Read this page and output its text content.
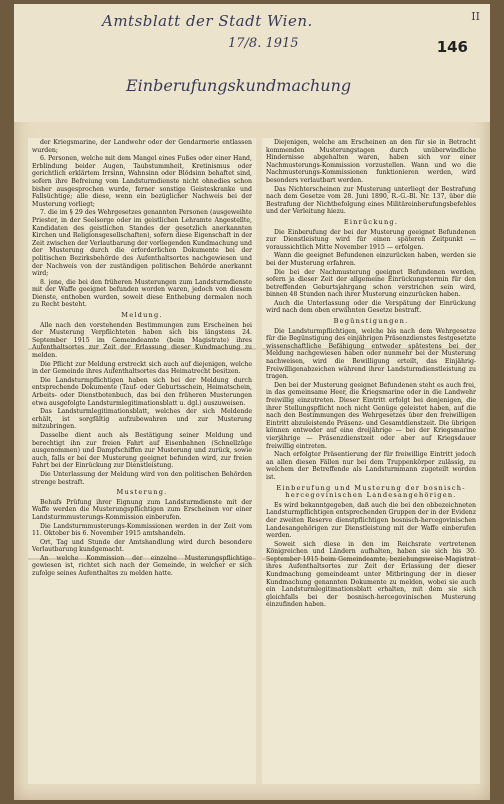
Amtsblatt der Stadt Wien.	II
17/8. 1915	146
Einberufungskundmachung

der Kriegsmarine, der Landwehr oder der Gendarmerie entlassen wurden;

6. Personen, welche mit dem Mangel eines Fußes oder einer Hand, Erblindung beider Augen, Taubstummheit, Kretinismus oder gerichtlich erklärtem Irrsinn, Wahnsinn oder Blödsinn behaftet sind, sofern ihre Befreiung vom Landsturmdienste nicht ohnedies schon bisher ausgesprochen wurde, ferner sonstige Geisteskranke und Fallsüchtige; alle diese, wenn ein bezüglicher Nachweis bei der Musterung vorliegt;

7. die im § 29 des Wehrgesetzes genannten Personen (ausgeweihte Priester, in der Seelsorge oder im geistlichen Lehramte Angestellte, Kandidaten des geistlichen Standes der gesetzlich anerkannten Kirchen und Religionsgesellschaften), sofern diese Eigenschaft in der Zeit zwischen der Verlautbarung der vorliegenden Kundmachung und der Musterung durch die erforderlichen Dokumente bei der politischen Bezirksbehörde des Aufenthaltsortes nachgewiesen und der Nachweis von der zuständigen politischen Behörde anerkannt wird;

8. jene, die bei den früheren Musterungen zum Landsturmdienste mit der Waffe geeignet befunden worden waren, jedoch von diesem Dienste, enthoben wurden, soweit diese Enthebung dermalen noch zu Recht besteht.

Meldung.

Alle nach den vorstehenden Bestimmungen zum Erscheinen bei der Musterung Verpflichteten haben sich bis längstens 24. September 1915 im Gemeindeamte (beim Magistrate) ihres Aufenthaltsortes zur Zeit der Erlassung dieser Kundmachung zu melden.

Die Pflicht zur Meldung erstreckt sich auch auf diejenigen, welche in der Gemeinde ihres Aufenthaltsortes das Heimatrecht besitzen.

Die Landsturmpflichtigen haben sich bei der Meldung durch entsprechende Dokumente (Tauf- oder Geburtsschein, Heimatschein, Arbeits- oder Dienstbotenbuch, das bei den früheren Musterungen etwa ausgefolgte Landsturmlegitimationsblatt u. dgl.) auszuweisen.

Das Landsturmlegitimationsblatt, welches der sich Meldende erhält, ist sorgfältig aufzubewahren und zur Musterung mitzubringen.

Dasselbe dient auch als Bestätigung seiner Meldung und berechtigt ihn zur freien Fahrt auf Eisenbahnen (Schnellzüge ausgenommen) und Dampfschiffen zur Musterung und zurück, sowie auch, falls er bei der Musterung geeignet befunden wird, zur freien Fahrt bei der Einrückung zur Dienstleistung.

Die Unterlassung der Meldung wird von den politischen Behörden strenge bestraft.

Musterung.

Behufs Prüfung ihrer Eignung zum Landsturmdienste mit der Waffe werden die Musterungspflichtigen zum Erscheinen vor einer Landsturmmusterungs-Kommission einberufen.

Die Landsturmmusterungs-Kommissionen werden in der Zeit vom 11. Oktober bis 6. November 1915 amtshandeln.

Ort, Tag und Stunde der Amtshandlung wird durch besondere Verlautbarung kundgemacht.

An welche Kommission der einzelne Musterungspflichtige gewiesen ist, richtet sich nach der Gemeinde, in welcher er sich zufolge seines Aufenthaltes zu melden hatte.

Diejenigen, welche am Erscheinen an den für sie in Betracht kommenden Musterungstagen durch unüberwindliche Hindernisse abgehalten waren, haben sich vor einer Nachmusterungs-Kommission vorzustellen. Wann und wo die Nachmusterungs-Kommissionen funktionieren werden, wird besonders verlautbart werden.

Das Nichterscheinen zur Musterung unterliegt der Bestrafung nach dem Gesetze vom 28. Juni 1890, R.-G.-Bl. Nr. 137, über die Bestrafung der Nichtbefolgung eines Militäreinberufungsbefehles und der Verleitung hiezu.

Einrückung.

Die Einberufung der bei der Musterung geeignet Befundenen zur Dienstleistung wird für einen späteren Zeitpunkt — voraussichtlich Mitte November 1915 — erfolgen.

Wann die geeignet Befundenen einzurücken haben, werden sie bei der Musterung erfahren.

Die bei der Nachmusterung geeignet Befundenen werden, sofern ja dieser Zeit der allgemeine Einrückungstermin für den betreffenden Geburtsjahrgang schon verstrichen sein wird, binnen 48 Stunden nach ihrer Musterung einzurücken haben.

Auch die Unterlassung oder die Verspätung der Einrückung wird nach dem oben erwähnten Gesetze bestraft.

Begünstigungen.

Die Landsturmpflichtigen, welche bis nach dem Wehrgesetze für die Begünstigung des einjährigen Präsenzdienstes festgesetzte wissenschaftliche Befähigung entweder spätestens bei der Meldung nachgewiesen haben oder nunmehr bei der Musterung nachweisen, wird die Bewilligung erteilt, das Einjährig-Freiwilligenabzeichen während ihrer Landsturmdienstleistung zu tragen.

Den bei der Musterung geeignet Befundenen steht es auch frei, in das gemeinsame Heer, die Kriegsmarine oder in die Landwehr freiwillig einzutreten. Dieser Eintritt erfolgt bei denjenigen, die ihrer Stellungspflicht noch nicht Genüge geleistet haben, auf die nach den Bestimmungen des Wehrgesetzes über den freiwilligen Eintritt abzuleistende Präsenz- und Gesamtdienstzeit. Die übrigen können entweder auf eine dreijährige — bei der Kriegsmarine vierjährige — Präsenzdienstzeit oder aber auf Kriegsdauer freiwillig eintreten.

Nach erfolgter Präsentierung der für freiwillige Eintritt jedoch an allen diesen Fällen nur bei dem Truppenkörper zulässig, zu welchem der Betreffende als Landsturmmann zugeteilt worden ist.

Einberufung und Musterung der bosnisch-hercegovinischen Landesangehörigen.

Es wird bekanntgegeben, daß auch die bei den obbezeichneten Landsturmpflichtigen entsprechenden Gruppen der in der Evidenz der zweiten Reserve dienstpflichtigen bosnisch-hercegovinischen Landesangehörigen zur Dienstleistung mit der Waffe einberufen werden.

Soweit sich diese in den im Reichsrate vertretenen Königreichen und Ländern aufhalten, haben sie sich bis 30. September 1915 beim Gemeindeamte, beziehungsweise Magistrat ihres Aufenthaltsortes zur Zeit der Erlassung der dieser Kundmachung gemeindeamt unter Mitbringung der in dieser Kundmachung genannten Dokumente zu melden, wobei sie auch ein Landsturmlegitimationsblatt erhalten, mit dem sie sich gleichfalls bei der bosnisch-hercegovinischen Musterung einzufinden haben.
